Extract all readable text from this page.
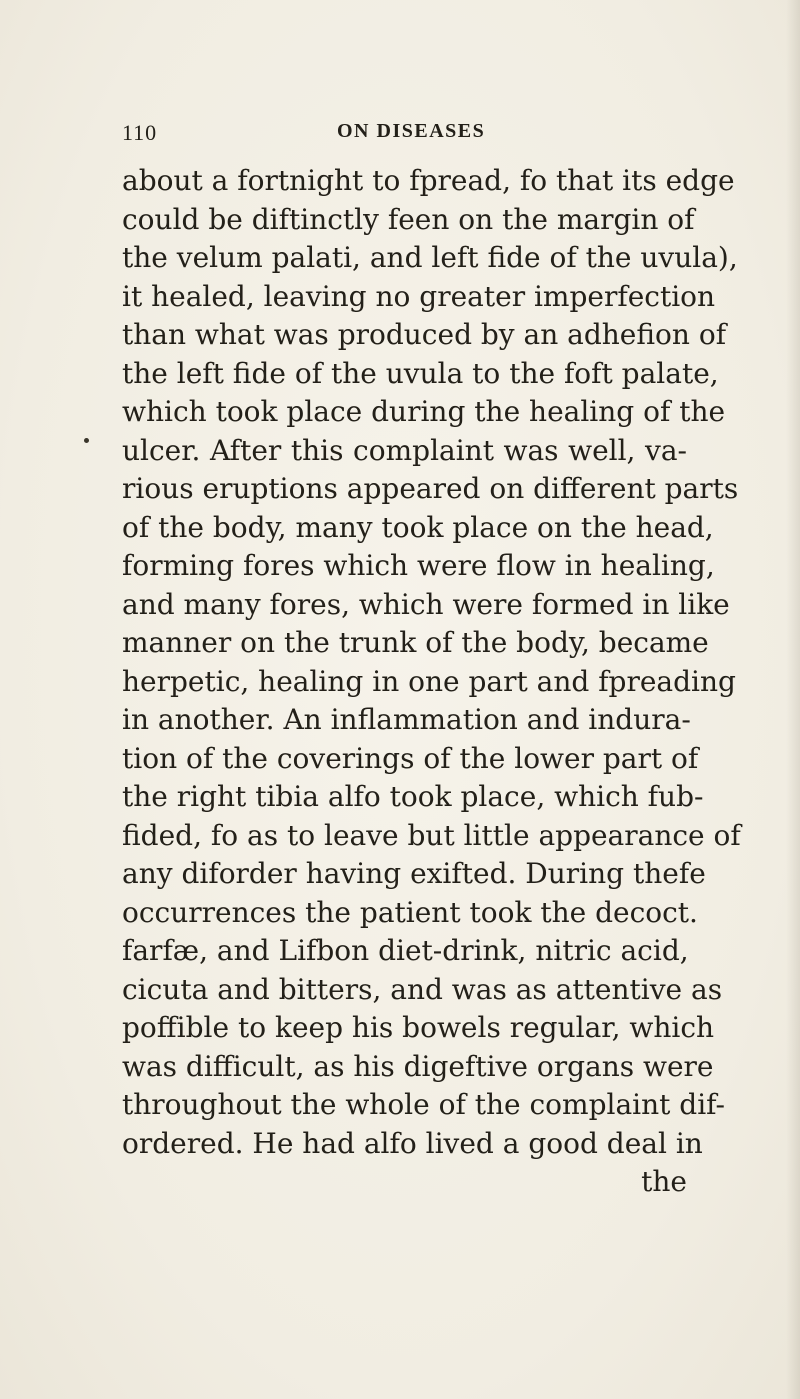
110	ON DISEASES
about a fortnight to fpread, fo that its edge
could be diftinctly feen on the margin of
the velum palati, and left fide of the uvula),
it healed, leaving no greater imperfection
than what was produced by an adhefion of
the left fide of the uvula to the foft palate,
which took place during the healing of the
ulcer. After this complaint was well, va-
rious eruptions appeared on different parts
of the body, many took place on the head,
forming fores which were flow in healing,
and many fores, which were formed in like
manner on the trunk of the body, became
herpetic, healing in one part and fpreading
in another. An inflammation and indura-
tion of the coverings of the lower part of
the right tibia alfo took place, which fub-
fided, fo as to leave but little appearance of
any diforder having exifted. During thefe
occurrences the patient took the decoct.
farfæ, and Lifbon diet-drink, nitric acid,
cicuta and bitters, and was as attentive as
poffible to keep his bowels regular, which
was difficult, as his digeftive organs were
throughout the whole of the complaint dif-
ordered. He had alfo lived a good deal in
the
